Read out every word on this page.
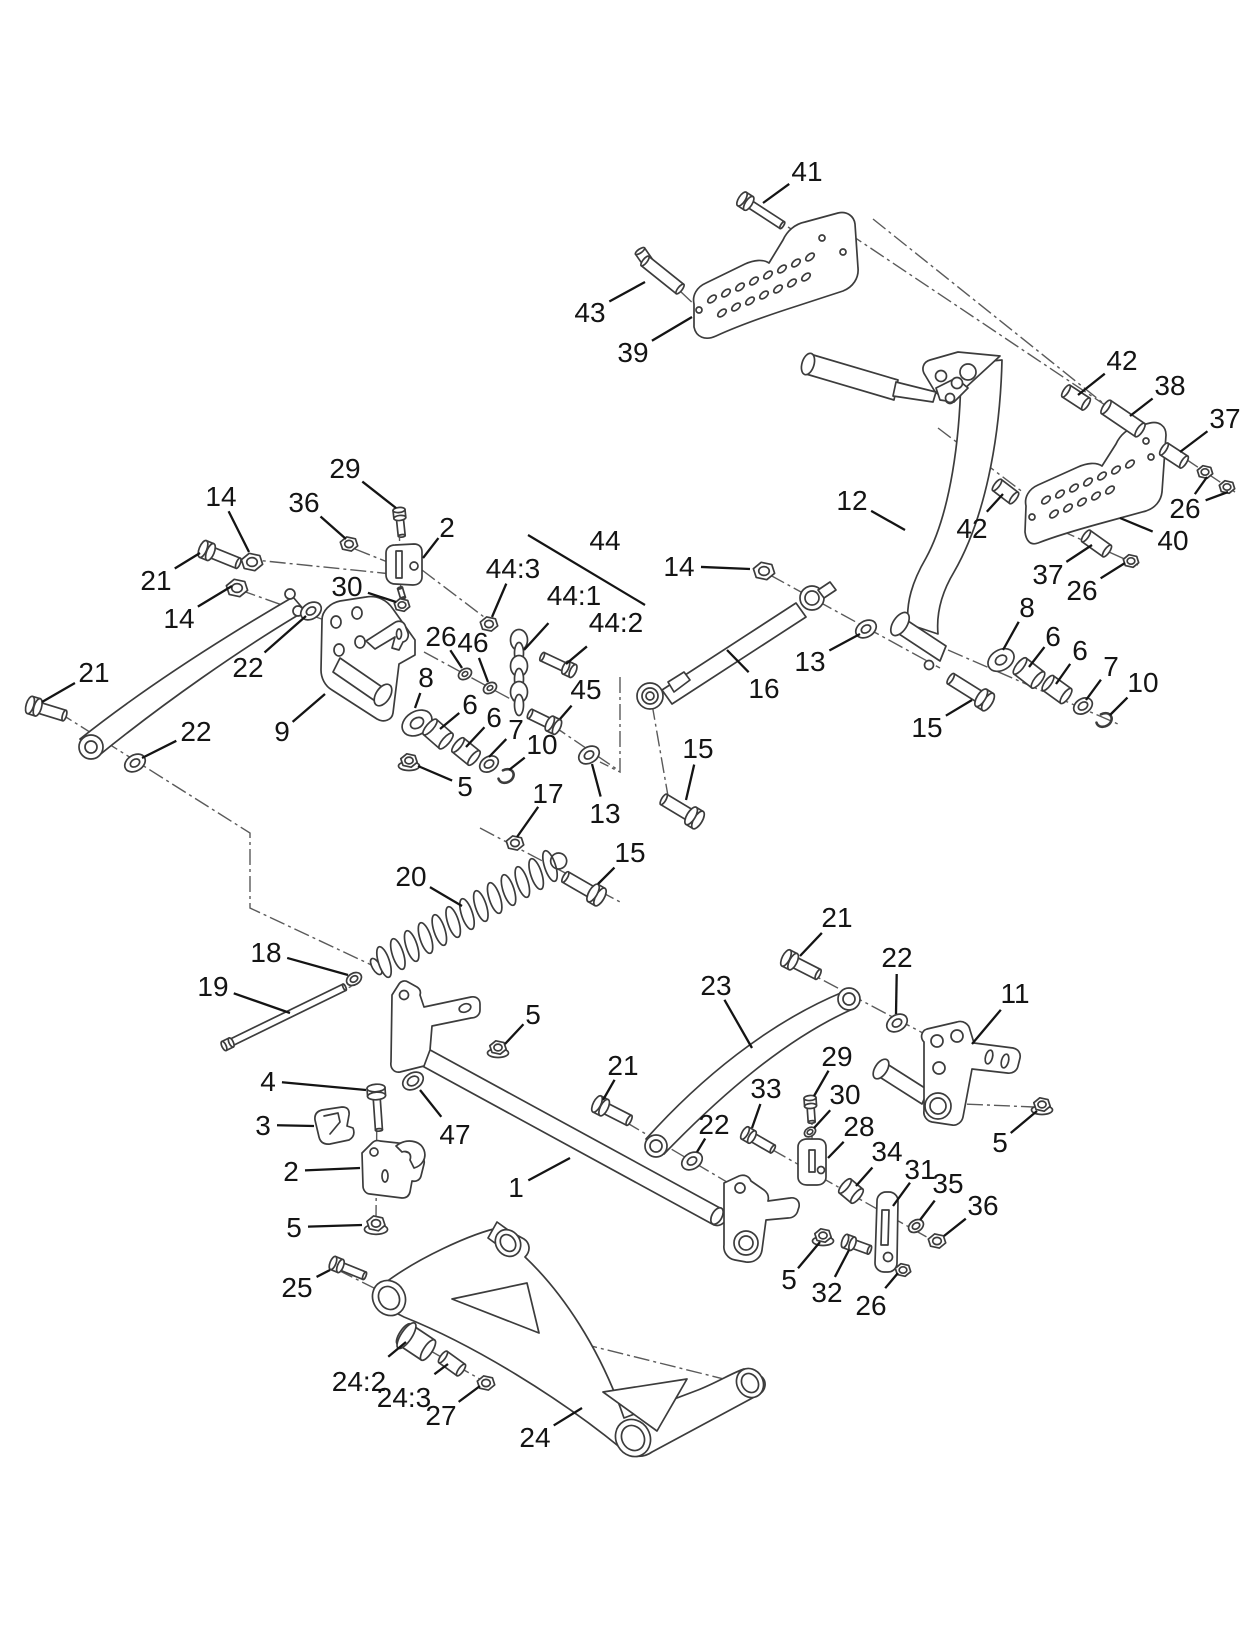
41
43
39	42
38
37
26
42	40
37
26
12
29
36
14
2
21
14
30
22
21
22 9
44
44:3
44:1
44:2
14
26 46
8	45
6 6 7 10
5 17
13
16
13
15
15
15
8
6 6
7
10
20
18
19	23
21
22
11
5
21
22
33
29
30
28
34
31
35
36
5
5 32 26
4
3
2
47
5
1
25
24:2
24:3
27
24
